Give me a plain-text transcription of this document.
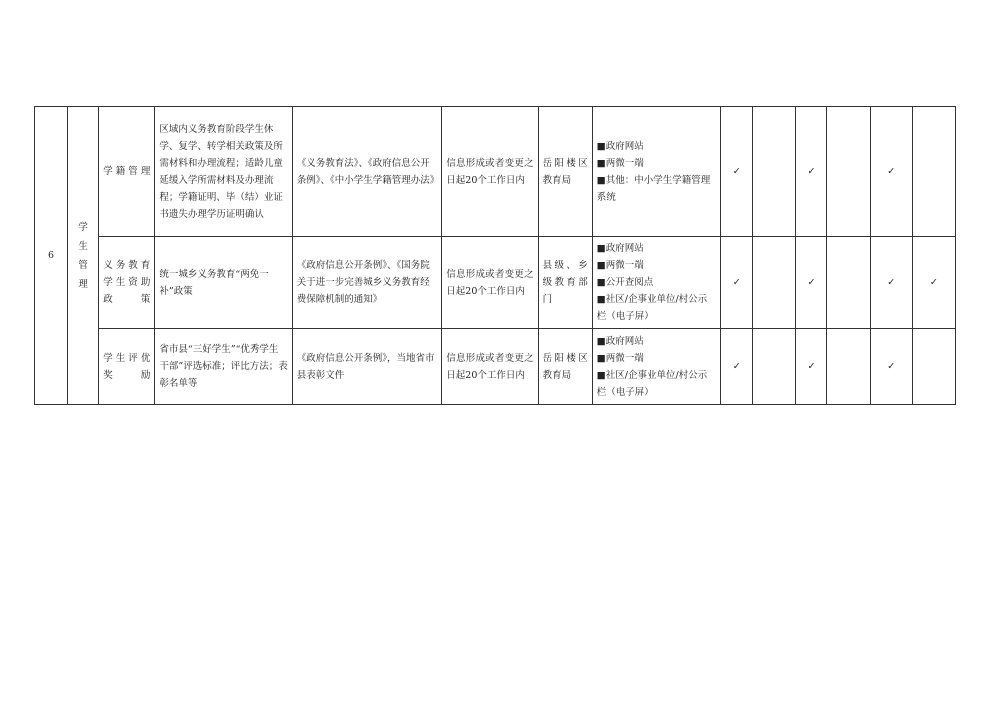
6	学生管理	学籍管理	区域内义务教育阶段学生休学、复学、转学相关政策及所需材料和办理流程；适龄儿童延缓入学所需材料及办理流程；学籍证明、毕（结）业证书遗失办理学历证明确认	《义务教育法》、《政府信息公开条例》、《中小学生学籍管理办法》	信息形成或者变更之日起20个工作日内	岳阳楼区教育局	■政府网站
■两微一端
■其他：中小学生学籍管理系统	✓		✓		✓	
		义务教育学生资助政策	统一城乡义务教育“两免一补”政策	《政府信息公开条例》、《国务院关于进一步完善城乡义务教育经费保障机制的通知》	信息形成或者变更之日起20个工作日内	县级、乡级教育部门	■政府网站
■两微一端
■公开查阅点
■社区/企事业单位/村公示栏（电子屏）	✓		✓		✓	✓
		学生评优奖励	省市县“三好学生”“优秀学生干部”评选标准；评比方法；表彰名单等	《政府信息公开条例》，当地省市县表彰文件	信息形成或者变更之日起20个工作日内	岳阳楼区教育局	■政府网站
■两微一端
■社区/企事业单位/村公示栏（电子屏）	✓		✓		✓	
